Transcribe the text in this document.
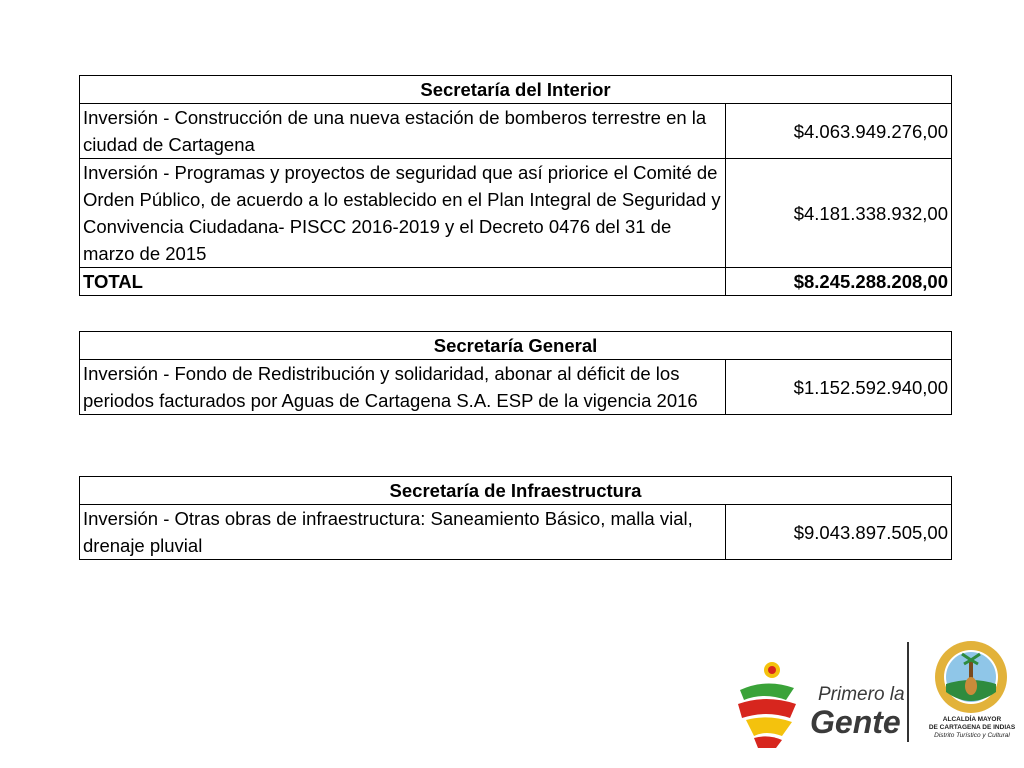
Secretaría del Interior	
Inversión - Construcción de una nueva estación de bomberos terrestre en la ciudad de Cartagena	$4.063.949.276,00
Inversión - Programas y proyectos de seguridad que así priorice el Comité de Orden Público, de acuerdo a lo establecido en el Plan Integral de Seguridad y Convivencia Ciudadana- PISCC 2016-2019 y el Decreto 0476 del 31 de marzo de 2015	$4.181.338.932,00
TOTAL	$8.245.288.208,00
Secretaría General
Inversión - Fondo de Redistribución y solidaridad, abonar al déficit de los periodos facturados por Aguas de Cartagena S.A. ESP de la vigencia 2016	$1.152.592.940,00
Secretaría de Infraestructura
Inversión - Otras obras de infraestructura: Saneamiento Básico, malla vial, drenaje pluvial	$9.043.897.505,00
Primero la
Gente	ALCALDÍA MAYOR
DE CARTAGENA DE INDIAS
Distrito Turístico y Cultural
